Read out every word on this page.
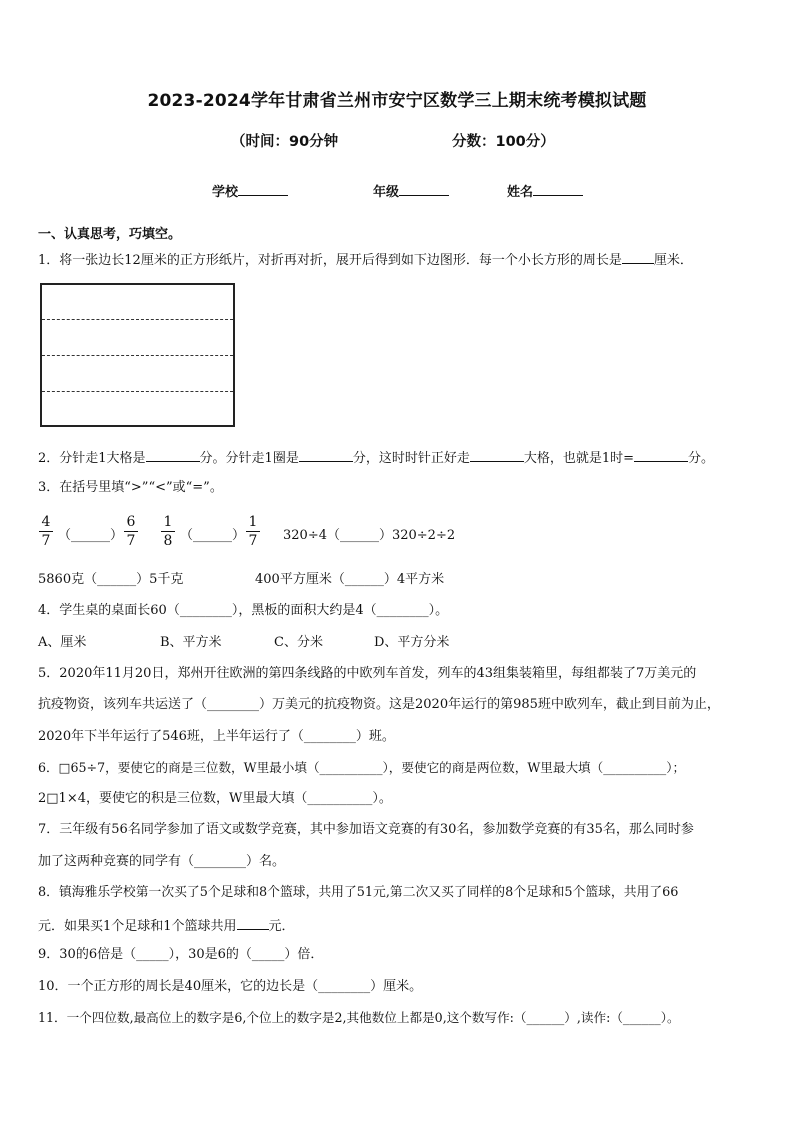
2023-2024学年甘肃省兰州市安宁区数学三上期末统考模拟试题
（时间：90分钟	分数：100分）
学校	年级	姓名
一、认真思考，巧填空。
1．将一张边长12厘米的正方形纸片，对折再对折，展开后得到如下边图形．每一个小长方形的周长是 厘米．
2．分针走1大格是	分。分针走1圈是	分，这时时针正好走	大格，也就是1时=	分。
3．在括号里填“>”“<”或“=”。
4
7 （______）
6
7
1
8 （______）
1
7 320÷4（______）320÷2÷2
5860克（______）5千克	400平方厘米（______）4平方米
4．学生桌的桌面长60（________），黑板的面积大约是4（________）。
A、厘米	B、平方米	C、分米	D、平方分米
5．2020年11月20日，郑州开往欧洲的第四条线路的中欧列车首发，列车的43组集装箱里，每组都装了7万美元的
抗疫物资，该列车共运送了（________）万美元的抗疫物资。这是2020年运行的第985班中欧列车，截止到目前为止，
2020年下半年运行了546班，上半年运行了（________）班。
6．□65÷7，要使它的商是三位数，W里最小填（__________），要使它的商是两位数，W里最大填（__________）；
2□1×4，要使它的积是三位数，W里最大填（__________）。
7．三年级有56名同学参加了语文或数学竞赛，其中参加语文竞赛的有30名，参加数学竞赛的有35名，那么同时参
加了这两种竞赛的同学有（________）名。
8．镇海雅乐学校第一次买了5个足球和8个篮球，共用了51元,第二次又买了同样的8个足球和5个篮球，共用了66
元．如果买1个足球和1个篮球共用 元．
9．30的6倍是（_____），30是6的（_____）倍．
10．一个正方形的周长是40厘米，它的边长是（________）厘米。
11．一个四位数,最高位上的数字是6,个位上的数字是2,其他数位上都是0,这个数写作:（______）,读作:（______）。
